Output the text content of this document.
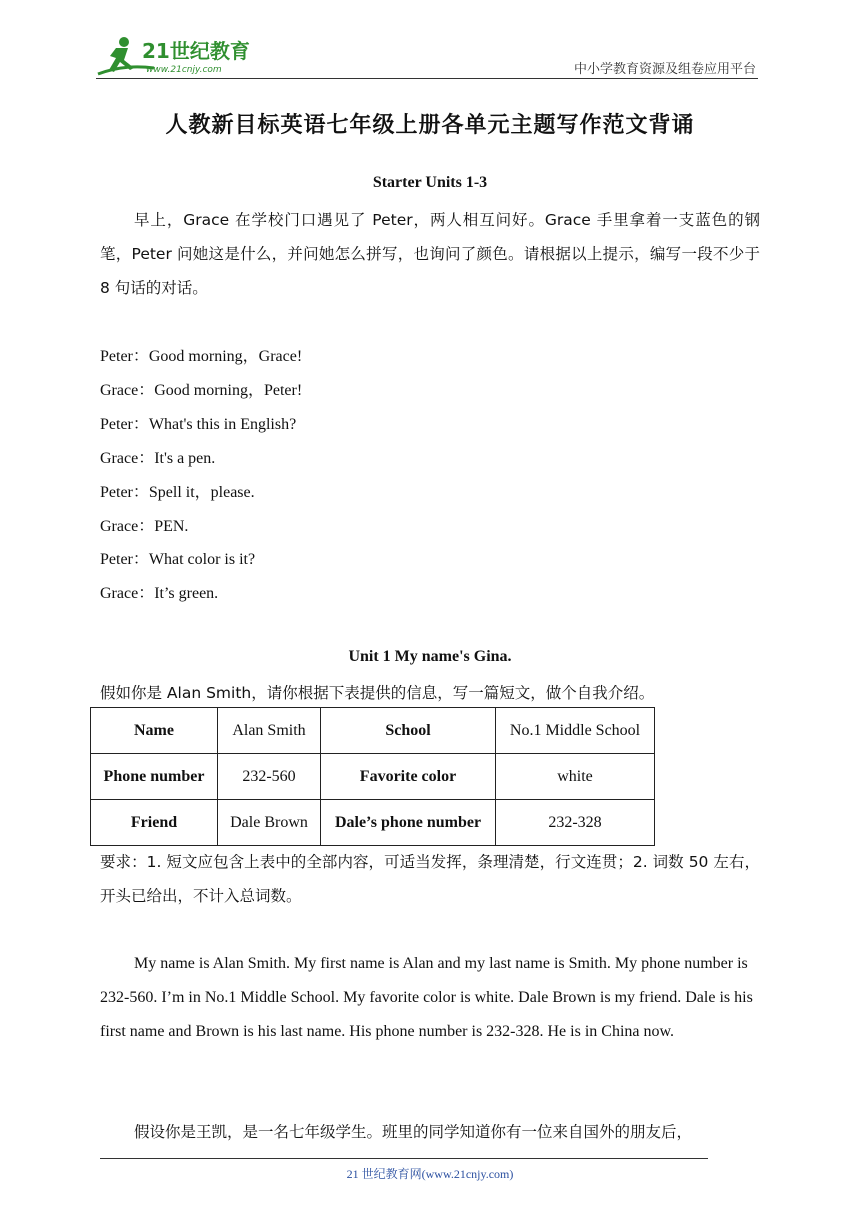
21世纪教育
www.21cnjy.com	中小学教育资源及组卷应用平台
人教新目标英语七年级上册各单元主题写作范文背诵
Starter Units 1-3
早上，Grace 在学校门口遇见了 Peter，两人相互问好。Grace 手里拿着一支蓝色的钢笔，Peter 问她这是什么，并问她怎么拼写，也询问了颜色。请根据以上提示，编写一段不少于 8 句话的对话。
Peter：Good morning，Grace!
Grace：Good morning，Peter!
Peter：What's this in English?
Grace：It's a pen.
Peter：Spell it，please.
Grace：PEN.
Peter：What color is it?
Grace：It’s green.
Unit 1 My name's Gina.
假如你是 Alan Smith，请你根据下表提供的信息，写一篇短文，做个自我介绍。
Name	Alan Smith	School	No.1 Middle School
Phone number	232-560	Favorite color	white
Friend	Dale Brown	Dale’s phone number	232-328
要求：1. 短文应包含上表中的全部内容，可适当发挥，条理清楚，行文连贯；2. 词数 50 左右，开头已给出，不计入总词数。
My name is Alan Smith. My first name is Alan and my last name is Smith. My phone number is 232-560. I’m in No.1 Middle School. My favorite color is white. Dale Brown is my friend. Dale is his first name and Brown is his last name. His phone number is 232-328. He is in China now.
假设你是王凯，是一名七年级学生。班里的同学知道你有一位来自国外的朋友后，
21 世纪教育网(www.21cnjy.com)
